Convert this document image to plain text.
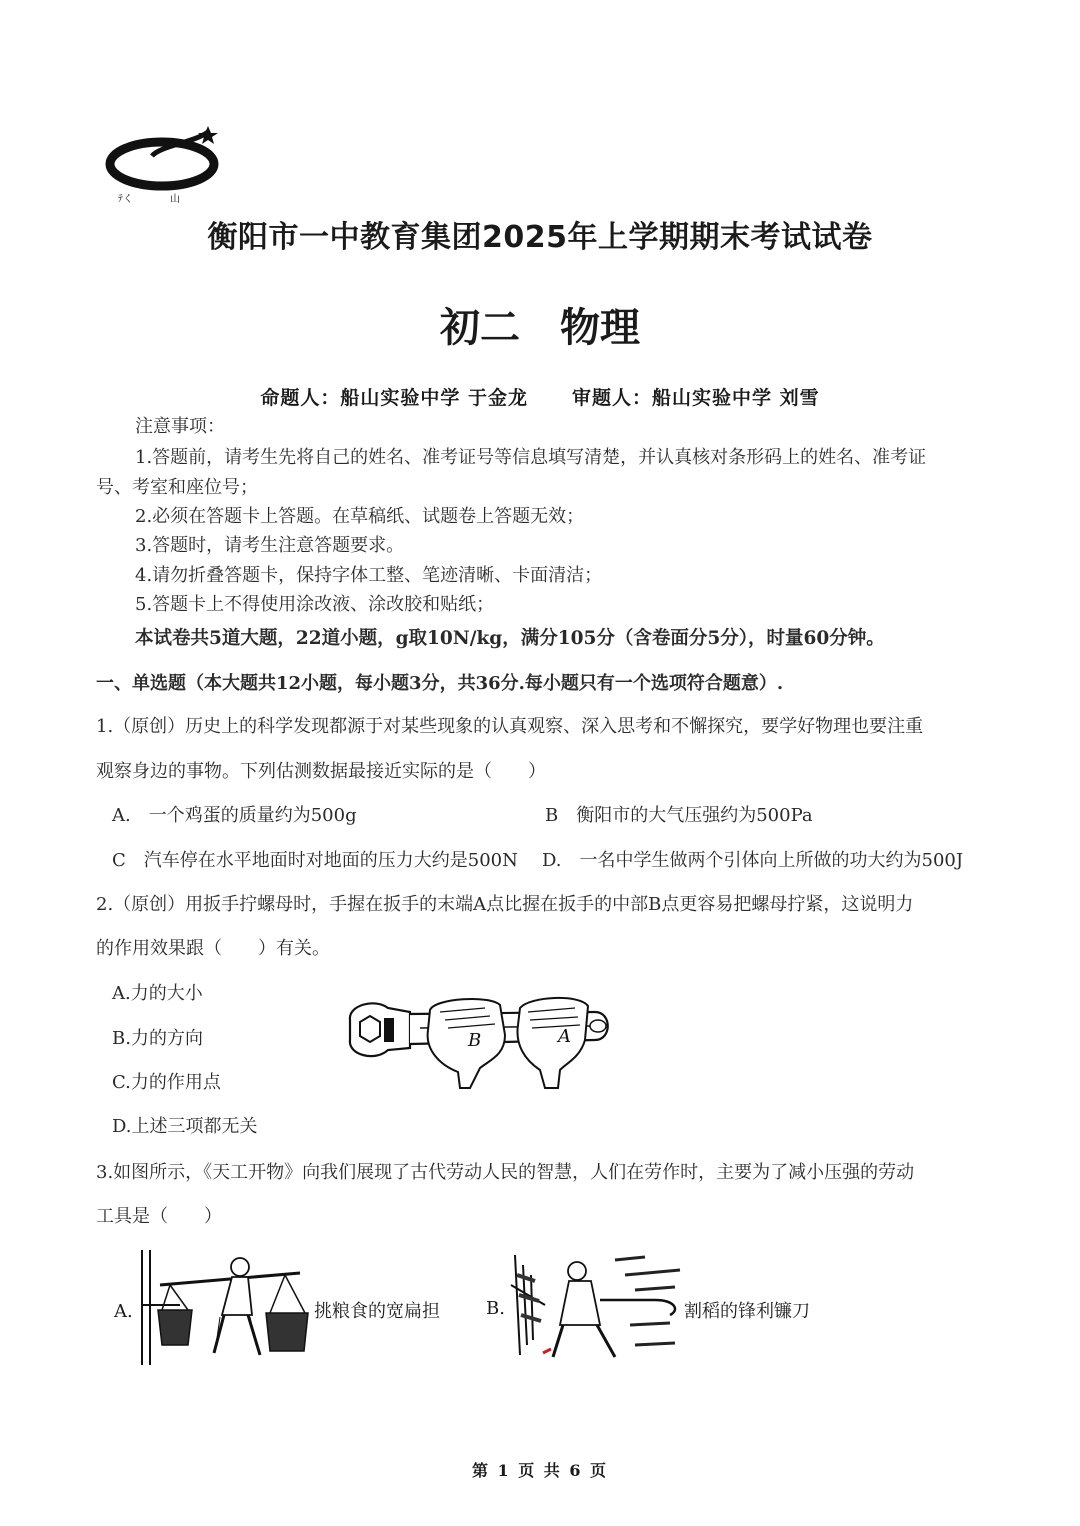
ﾃく	山
衡阳市一中教育集团2025年上学期期末考试试卷
初二　物理
命题人：船山实验中学 于金龙 审题人：船山实验中学 刘雪
注意事项：
1.答题前，请考生先将自己的姓名、准考证号等信息填写清楚，并认真核对条形码上的姓名、准考证
号、考室和座位号；
2.必须在答题卡上答题。在草稿纸、试题卷上答题无效；
3.答题时，请考生注意答题要求。
4.请勿折叠答题卡，保持字体工整、笔迹清晰、卡面清洁；
5.答题卡上不得使用涂改液、涂改胶和贴纸；
本试卷共5道大题，22道小题，g取10N/kg，满分105分（含卷面分5分），时量60分钟。
一、单选题（本大题共12小题，每小题3分，共36分.每小题只有一个选项符合题意）.
1.（原创）历史上的科学发现都源于对某些现象的认真观察、深入思考和不懈探究，要学好物理也要注重
观察身边的事物。下列估测数据最接近实际的是（　　）
A.　一个鸡蛋的质量约为500g	B　衡阳市的大气压强约为500Pa
C　汽车停在水平地面时对地面的压力大约是500N D.　一名中学生做两个引体向上所做的功大约为500J
2.（原创）用扳手拧螺母时，手握在扳手的末端A点比握在扳手的中部B点更容易把螺母拧紧，这说明力
的作用效果跟（　　）有关。
A.力的大小
B.力的方向
C.力的作用点
D.上述三项都无关
B	A
3.如图所示，《天工开物》向我们展现了古代劳动人民的智慧，人们在劳作时，主要为了减小压强的劳动
工具是（　　）
A.	挑粮食的宽扁担	B.	割稻的锋利镰刀
第 1 页 共 6 页
